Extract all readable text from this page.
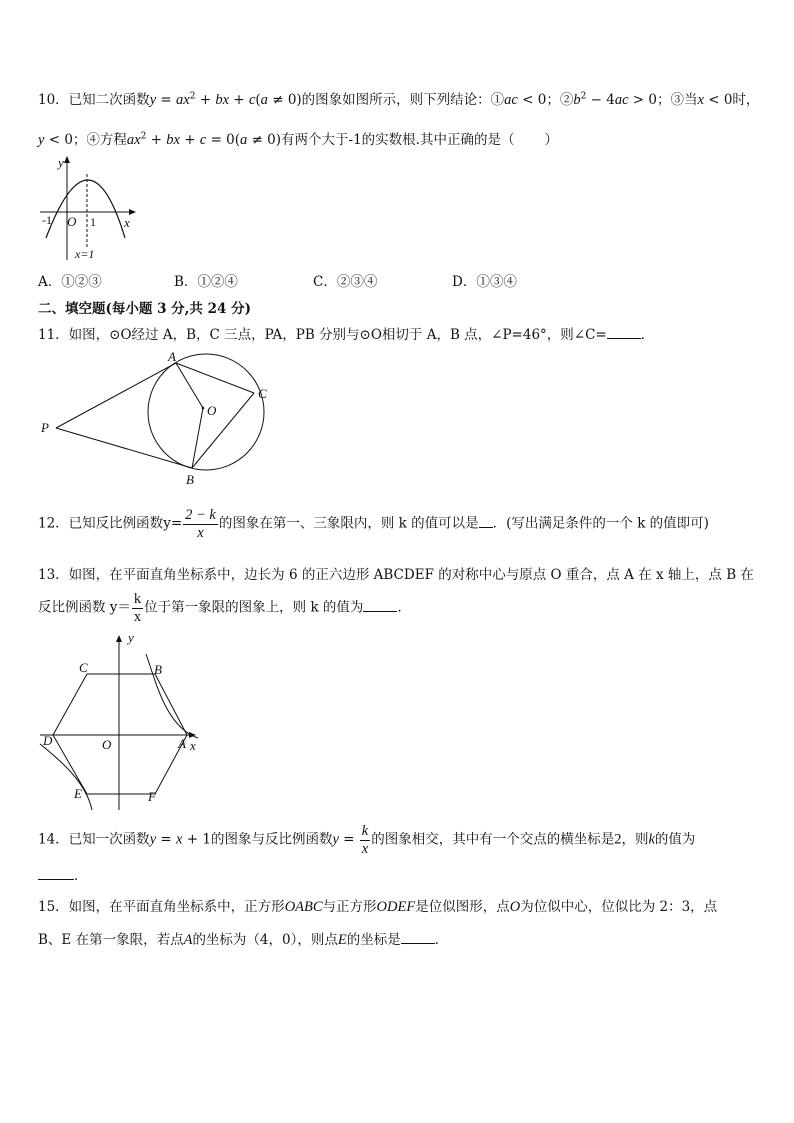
10．已知二次函数$y = ax^2$ + bx + c(a ≠ 0)的图象如图所示，则下列结论：①ac < 0；$②b^2 - 4ac > 0$；③当x < 0时，
y < 0；④方程$ax^2$ + bx + c = 0(a ≠ 0)有两个大于-1的实数根.其中正确的是（ ）
y
x
O
-1	1
x=1
A．①②③	B．①②④	C．②③④	D．①③④
二、填空题(每小题 3 分,共 24 分)
11．如图，⊙O经过 A，B，C 三点，PA，PB 分别与⊙O相切于 A，B 点，∠P=46°，则∠C=	．
A
B
C
O
P
12．已知反比例函数$y= \frac{2 - k}{x}$ 的图象在第一、三象限内，则 k 的值可以是 ．(写出满足条件的一个 k 的值即可)
13．如图，在平面直角坐标系中，边长为 6 的正六边形 ABCDEF 的对称中心与原点 O 重合，点 A 在 x 轴上，点 B 在
反比例函数 $y= \frac{k}{x}$ 位于第一象限的图象上，则 k 的值为	．
y
x
A
B
C
D
E	F
O
14．已知一次函数y = x + 1的图象与反比例函数$y = \frac{k}{x}$ 的图象相交，其中有一个交点的横坐标是2，则k的值为
．
15．如图，在平面直角坐标系中，正方形OABC与正方形ODEF是位似图形，点O为位似中心，位似比为 2：3，点
B、E 在第一象限，若点A的坐标为（4，0），则点E的坐标是	．
